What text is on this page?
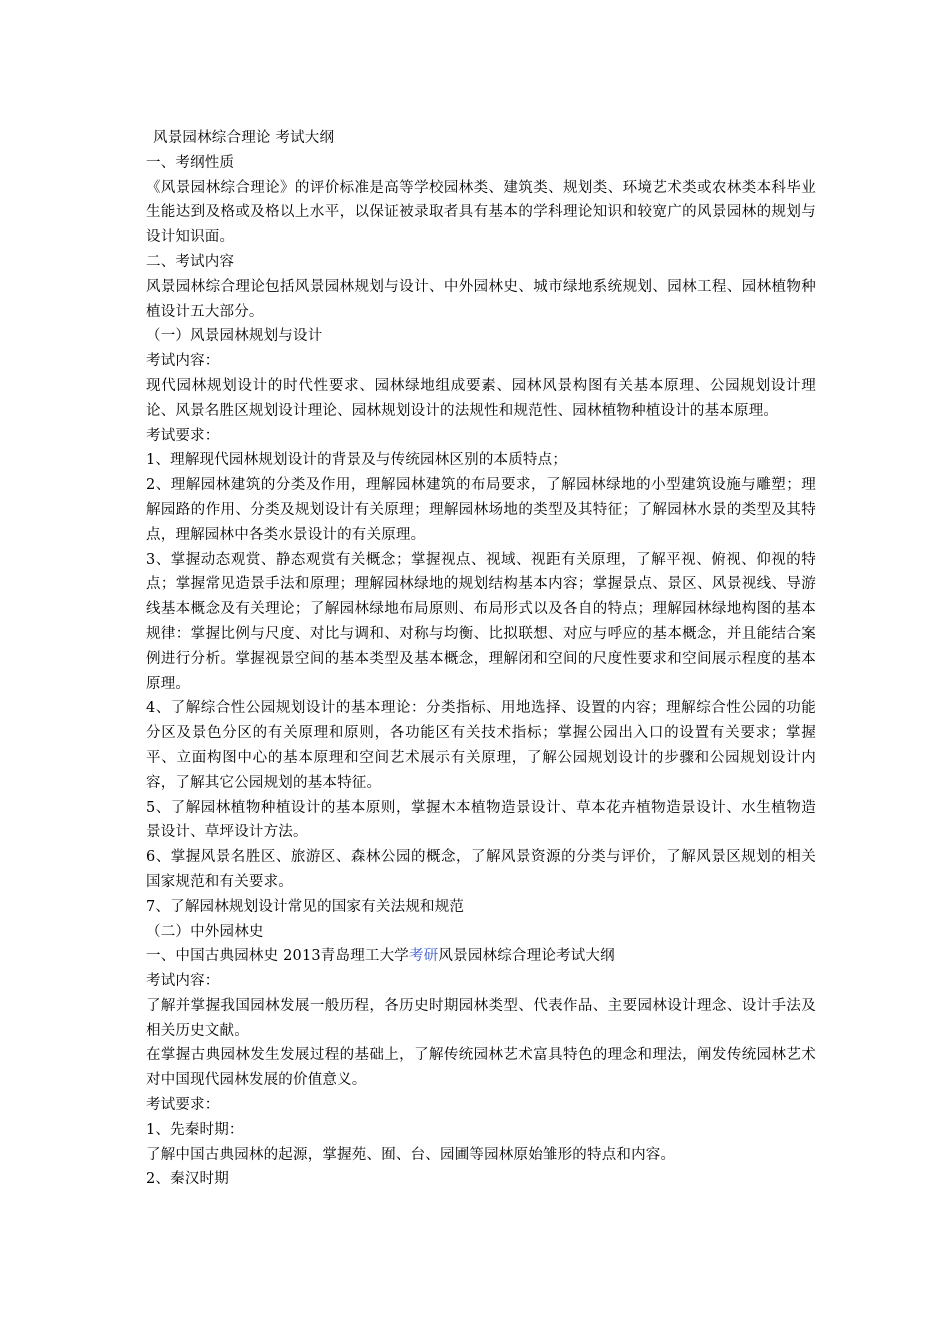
风景园林综合理论 考试大纲

一、考纲性质

《风景园林综合理论》的评价标准是高等学校园林类、建筑类、规划类、环境艺术类或农林类本科毕业生能达到及格或及格以上水平，以保证被录取者具有基本的学科理论知识和较宽广的风景园林的规划与设计知识面。

二、考试内容

风景园林综合理论包括风景园林规划与设计、中外园林史、城市绿地系统规划、园林工程、园林植物种植设计五大部分。

（一）风景园林规划与设计

考试内容：

现代园林规划设计的时代性要求、园林绿地组成要素、园林风景构图有关基本原理、公园规划设计理论、风景名胜区规划设计理论、园林规划设计的法规性和规范性、园林植物种植设计的基本原理。

考试要求：

1、理解现代园林规划设计的背景及与传统园林区别的本质特点；

2、理解园林建筑的分类及作用，理解园林建筑的布局要求，了解园林绿地的小型建筑设施与雕塑；理解园路的作用、分类及规划设计有关原理；理解园林场地的类型及其特征；了解园林水景的类型及其特点，理解园林中各类水景设计的有关原理。

3、掌握动态观赏、静态观赏有关概念；掌握视点、视域、视距有关原理，了解平视、俯视、仰视的特点；掌握常见造景手法和原理；理解园林绿地的规划结构基本内容；掌握景点、景区、风景视线、导游线基本概念及有关理论；了解园林绿地布局原则、布局形式以及各自的特点；理解园林绿地构图的基本规律：掌握比例与尺度、对比与调和、对称与均衡、比拟联想、对应与呼应的基本概念，并且能结合案例进行分析。掌握视景空间的基本类型及基本概念，理解闭和空间的尺度性要求和空间展示程度的基本原理。

4、了解综合性公园规划设计的基本理论：分类指标、用地选择、设置的内容；理解综合性公园的功能分区及景色分区的有关原理和原则，各功能区有关技术指标；掌握公园出入口的设置有关要求；掌握平、立面构图中心的基本原理和空间艺术展示有关原理，了解公园规划设计的步骤和公园规划设计内容，了解其它公园规划的基本特征。

5、了解园林植物种植设计的基本原则，掌握木本植物造景设计、草本花卉植物造景设计、水生植物造景设计、草坪设计方法。

6、掌握风景名胜区、旅游区、森林公园的概念，了解风景资源的分类与评价，了解风景区规划的相关国家规范和有关要求。

7、了解园林规划设计常见的国家有关法规和规范

（二）中外园林史

一、中国古典园林史 2013青岛理工大学考研风景园林综合理论考试大纲

考试内容：

了解并掌握我国园林发展一般历程，各历史时期园林类型、代表作品、主要园林设计理念、设计手法及相关历史文献。

在掌握古典园林发生发展过程的基础上，了解传统园林艺术富具特色的理念和理法，阐发传统园林艺术对中国现代园林发展的价值意义。

考试要求：

1、先秦时期：

了解中国古典园林的起源，掌握苑、囿、台、园圃等园林原始雏形的特点和内容。

2、秦汉时期
